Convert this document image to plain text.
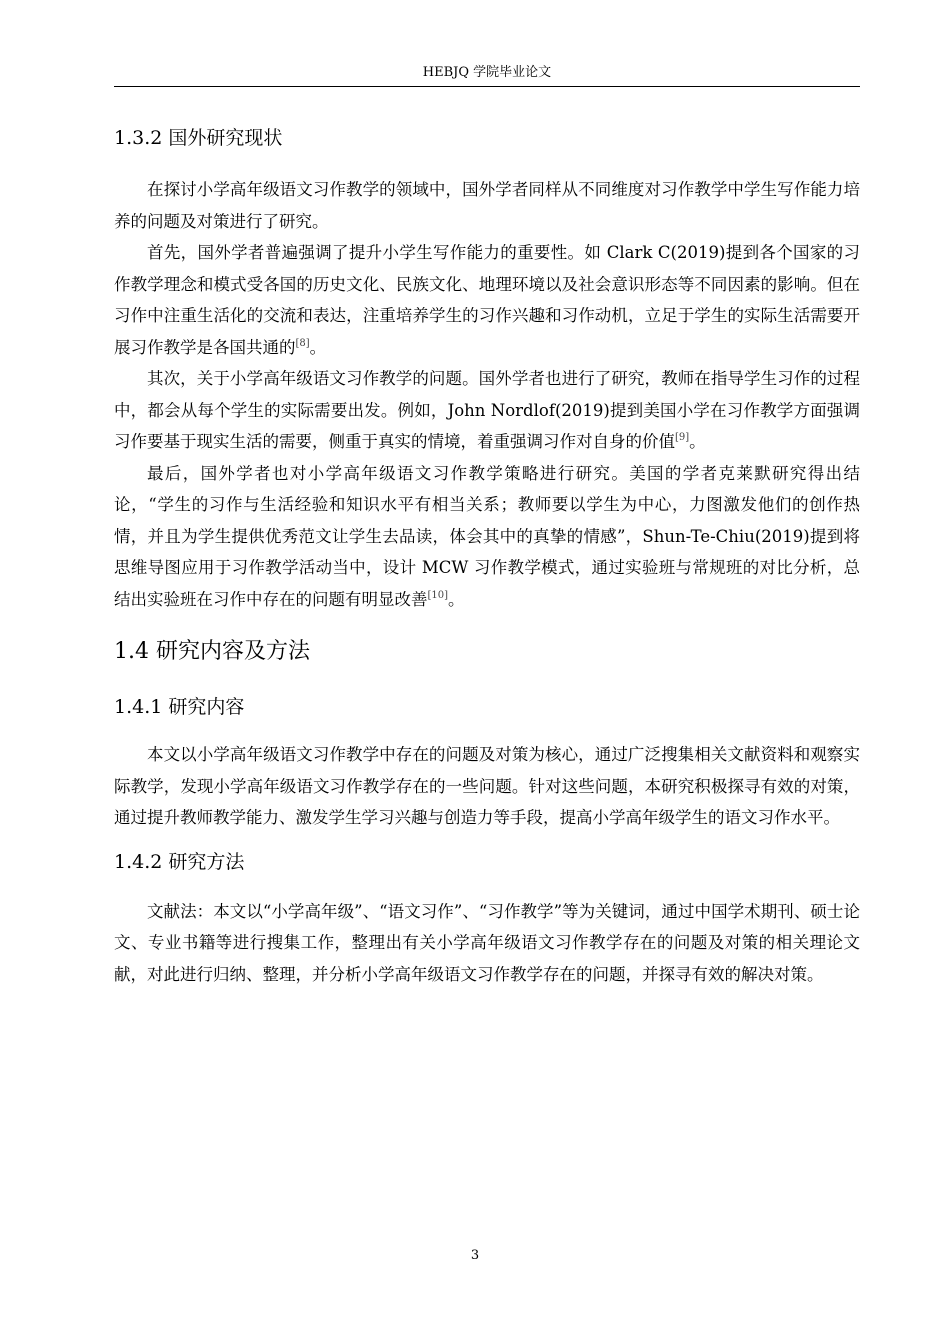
HEBJQ 学院毕业论文
1.3.2 国外研究现状

在探讨小学高年级语文习作教学的领域中，国外学者同样从不同维度对习作教学中学生写作能力培养的问题及对策进行了研究。

首先，国外学者普遍强调了提升小学生写作能力的重要性。如 Clark C(2019)提到各个国家的习作教学理念和模式受各国的历史文化、民族文化、地理环境以及社会意识形态等不同因素的影响。但在习作中注重生活化的交流和表达，注重培养学生的习作兴趣和习作动机，立足于学生的实际生活需要开展习作教学是各国共通的[8]。

其次，关于小学高年级语文习作教学的问题。国外学者也进行了研究，教师在指导学生习作的过程中，都会从每个学生的实际需要出发。例如，John Nordlof(2019)提到美国小学在习作教学方面强调习作要基于现实生活的需要，侧重于真实的情境，着重强调习作对自身的价值[9]。

最后，国外学者也对小学高年级语文习作教学策略进行研究。美国的学者克莱默研究得出结论，“学生的习作与生活经验和知识水平有相当关系；教师要以学生为中心，力图激发他们的创作热情，并且为学生提供优秀范文让学生去品读，体会其中的真挚的情感”，Shun-Te-Chiu(2019)提到将思维导图应用于习作教学活动当中，设计 MCW 习作教学模式，通过实验班与常规班的对比分析，总结出实验班在习作中存在的问题有明显改善[10]。

1.4 研究内容及方法
1.4.1 研究内容

本文以小学高年级语文习作教学中存在的问题及对策为核心，通过广泛搜集相关文献资料和观察实际教学，发现小学高年级语文习作教学存在的一些问题。针对这些问题，本研究积极探寻有效的对策，通过提升教师教学能力、激发学生学习兴趣与创造力等手段，提高小学高年级学生的语文习作水平。

1.4.2 研究方法

文献法：本文以“小学高年级”、“语文习作”、“习作教学”等为关键词，通过中国学术期刊、硕士论文、专业书籍等进行搜集工作，整理出有关小学高年级语文习作教学存在的问题及对策的相关理论文献，对此进行归纳、整理，并分析小学高年级语文习作教学存在的问题，并探寻有效的解决对策。

3
